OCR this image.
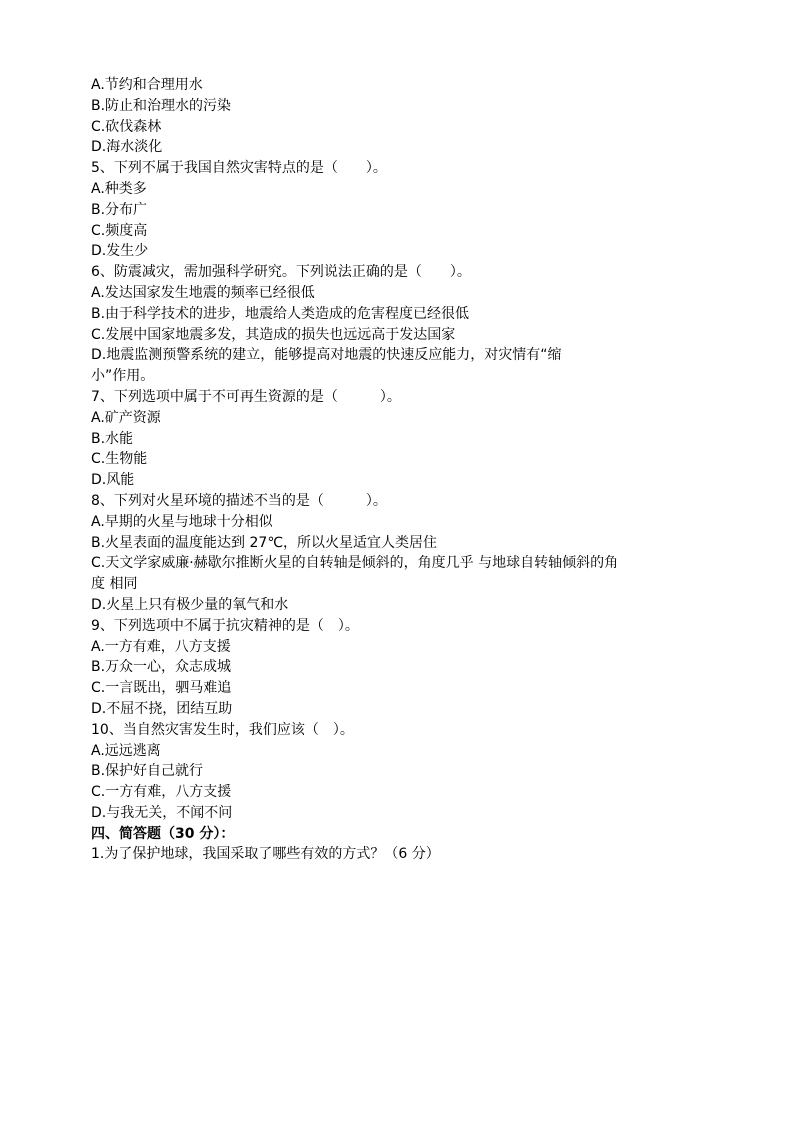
A.节约和合理用水

B.防止和治理水的污染

C.砍伐森林

D.海水淡化

5、下列不属于我国自然灾害特点的是（　　）。

A.种类多

B.分布广

C.频度高

D.发生少

6、防震减灾，需加强科学研究。下列说法正确的是（　　）。

A.发达国家发生地震的频率已经很低

B.由于科学技术的进步，地震给人类造成的危害程度已经很低

C.发展中国家地震多发，其造成的损失也远远高于发达国家

D.地震监测预警系统的建立，能够提高对地震的快速反应能力，对灾情有“缩

小”作用。

7、下列选项中属于不可再生资源的是（　　　）。

A.矿产资源

B.水能

C.生物能

D.风能

8、下列对火星环境的描述不当的是（　　　）。

A.早期的火星与地球十分相似

B.火星表面的温度能达到 27℃，所以火星适宜人类居住

C.天文学家威廉·赫歇尔推断火星的自转轴是倾斜的，角度几乎 与地球自转轴倾斜的角

度 相同

D.火星上只有极少量的氧气和水

9、下列选项中不属于抗灾精神的是（　）。

A.一方有难，八方支援

B.万众一心，众志成城

C.一言既出，驷马难追

D.不屈不挠，团结互助

10、当自然灾害发生时，我们应该（　）。

A.远远逃离

B.保护好自己就行

C.一方有难，八方支援

D.与我无关，不闻不问

四、简答题（30 分）：

1.为了保护地球，我国采取了哪些有效的方式？（6 分）
